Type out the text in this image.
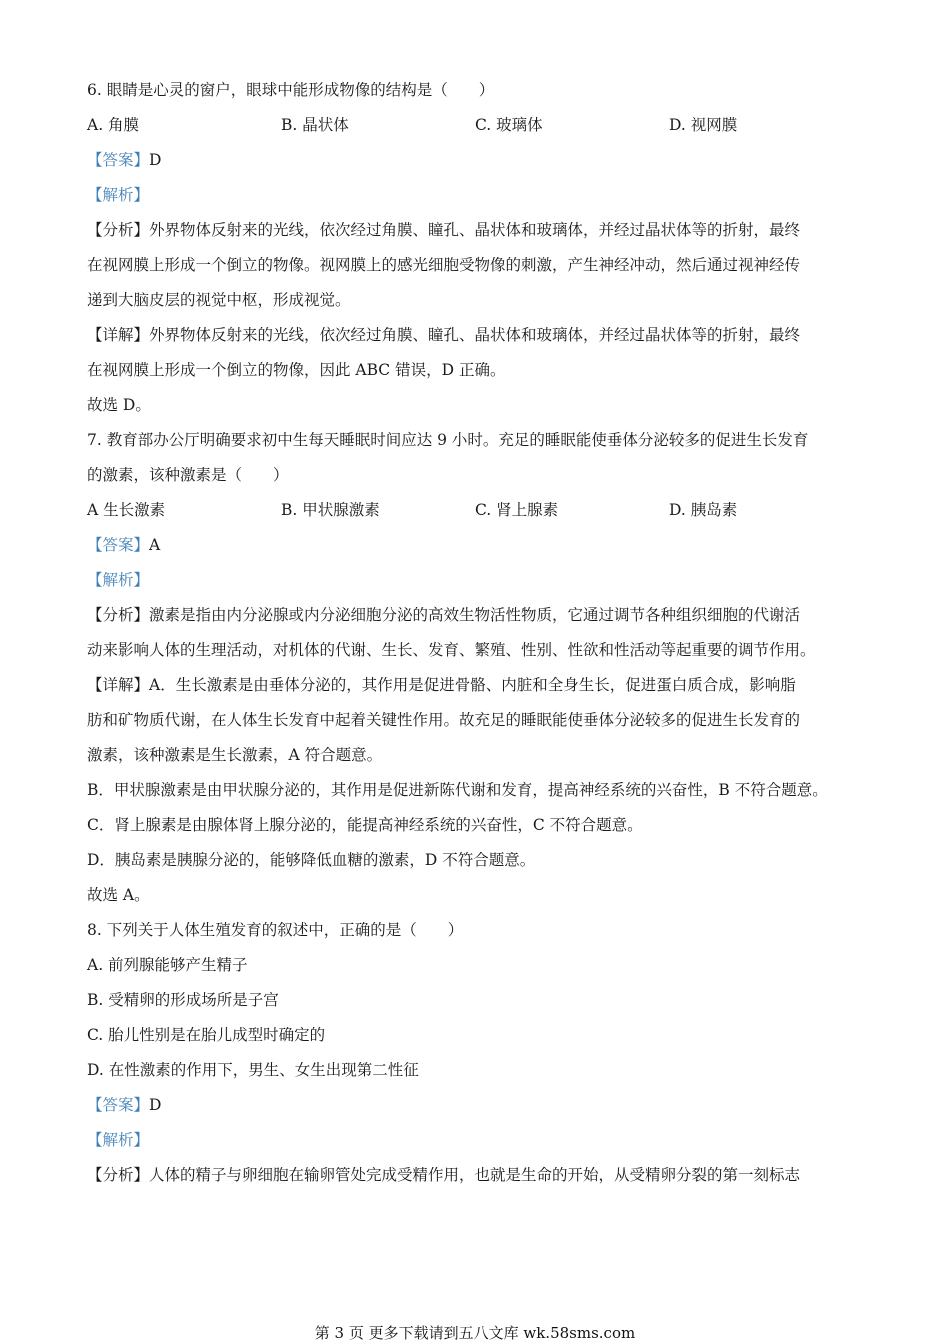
6. 眼睛是心灵的窗户，眼球中能形成物像的结构是（　　）

A. 角膜	B. 晶状体	C. 玻璃体	D. 视网膜

【答案】D

【解析】

【分析】外界物体反射来的光线，依次经过角膜、瞳孔、晶状体和玻璃体，并经过晶状体等的折射，最终

在视网膜上形成一个倒立的物像。视网膜上的感光细胞受物像的刺激，产生神经冲动，然后通过视神经传

递到大脑皮层的视觉中枢，形成视觉。

【详解】外界物体反射来的光线，依次经过角膜、瞳孔、晶状体和玻璃体，并经过晶状体等的折射，最终

在视网膜上形成一个倒立的物像，因此 ABC 错误，D 正确。

故选 D。

7. 教育部办公厅明确要求初中生每天睡眠时间应达 9 小时。充足的睡眠能使垂体分泌较多的促进生长发育

的激素，该种激素是（　　）

A 生长激素	B. 甲状腺激素	C. 肾上腺素	D. 胰岛素

【答案】A

【解析】

【分析】激素是指由内分泌腺或内分泌细胞分泌的高效生物活性物质，它通过调节各种组织细胞的代谢活

动来影响人体的生理活动，对机体的代谢、生长、发育、繁殖、性别、性欲和性活动等起重要的调节作用。

【详解】A．生长激素是由垂体分泌的，其作用是促进骨骼、内脏和全身生长，促进蛋白质合成，影响脂

肪和矿物质代谢，在人体生长发育中起着关键性作用。故充足的睡眠能使垂体分泌较多的促进生长发育的

激素，该种激素是生长激素，A 符合题意。

B．甲状腺激素是由甲状腺分泌的，其作用是促进新陈代谢和发育，提高神经系统的兴奋性，B 不符合题意。

C．肾上腺素是由腺体肾上腺分泌的，能提高神经系统的兴奋性，C 不符合题意。

D．胰岛素是胰腺分泌的，能够降低血糖的激素，D 不符合题意。

故选 A。

8. 下列关于人体生殖发育的叙述中，正确的是（　　）

A. 前列腺能够产生精子

B. 受精卵的形成场所是子宫

C. 胎儿性别是在胎儿成型时确定的

D. 在性激素的作用下，男生、女生出现第二性征

【答案】D

【解析】

【分析】人体的精子与卵细胞在输卵管处完成受精作用，也就是生命的开始，从受精卵分裂的第一刻标志

第 3 页 更多下载请到五八文库 wk.58sms.com
